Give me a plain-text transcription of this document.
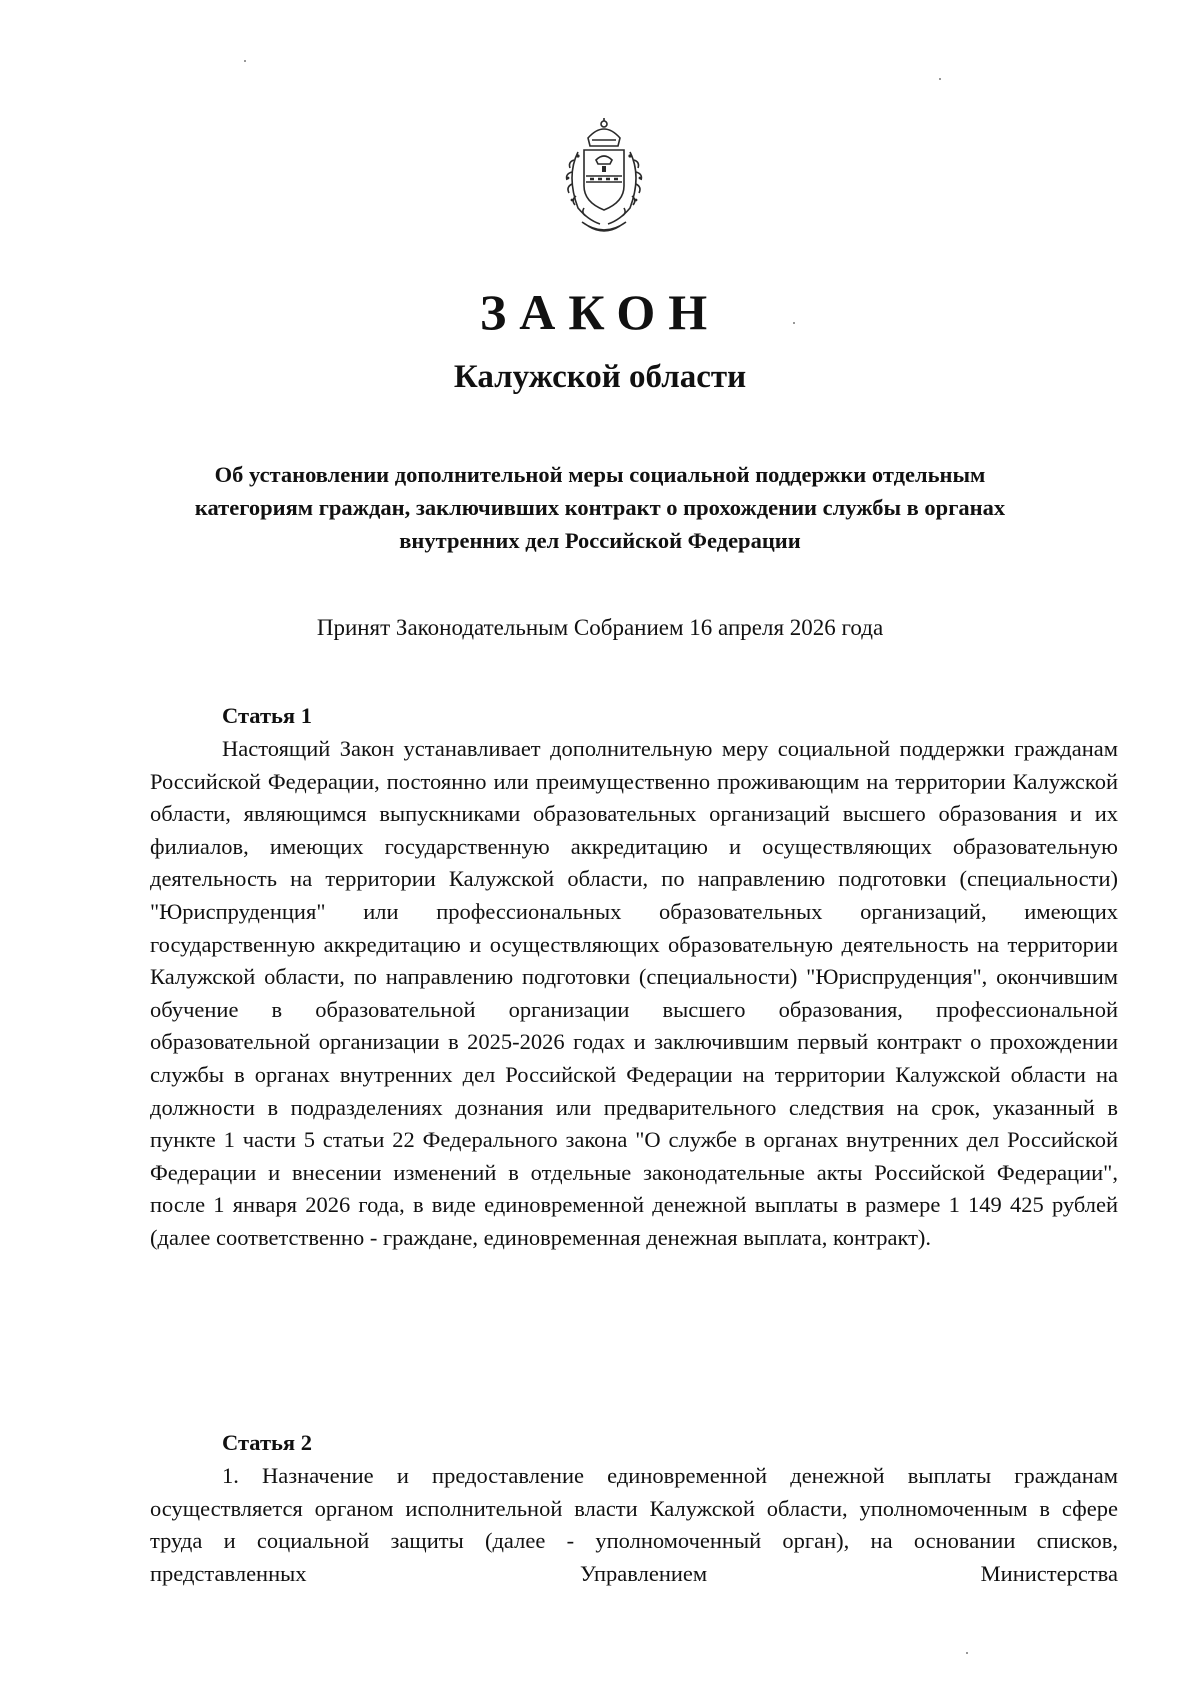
ЗАКОН
Калужской области
Об установлении дополнительной меры социальной поддержки отдельным категориям граждан, заключивших контракт о прохождении службы в органах внутренних дел Российской Федерации
Принят Законодательным Собранием 16 апреля 2026 года
Статья 1
Настоящий Закон устанавливает дополнительную меру социальной поддержки гражданам Российской Федерации, постоянно или преимущественно проживающим на территории Калужской области, являющимся выпускниками образовательных организаций высшего образования и их филиалов, имеющих государственную аккредитацию и осуществляющих образовательную деятельность на территории Калужской области, по направлению подготовки (специальности) "Юриспруденция" или профессиональных образовательных организаций, имеющих государственную аккредитацию и осуществляющих образовательную деятельность на территории Калужской области, по направлению подготовки (специальности) "Юриспруденция", окончившим обучение в образовательной организации высшего образования, профессиональной образовательной организации в 2025-2026 годах и заключившим первый контракт о прохождении службы в органах внутренних дел Российской Федерации на территории Калужской области на должности в подразделениях дознания или предварительного следствия на срок, указанный в пункте 1 части 5 статьи 22 Федерального закона "О службе в органах внутренних дел Российской Федерации и внесении изменений в отдельные законодательные акты Российской Федерации", после 1 января 2026 года, в виде единовременной денежной выплаты в размере 1 149 425 рублей (далее соответственно - граждане, единовременная денежная выплата, контракт).
Статья 2
1. Назначение и предоставление единовременной денежной выплаты гражданам осуществляется органом исполнительной власти Калужской области, уполномоченным в сфере труда и социальной защиты (далее - уполномоченный орган), на основании списков, представленных Управлением Министерства
